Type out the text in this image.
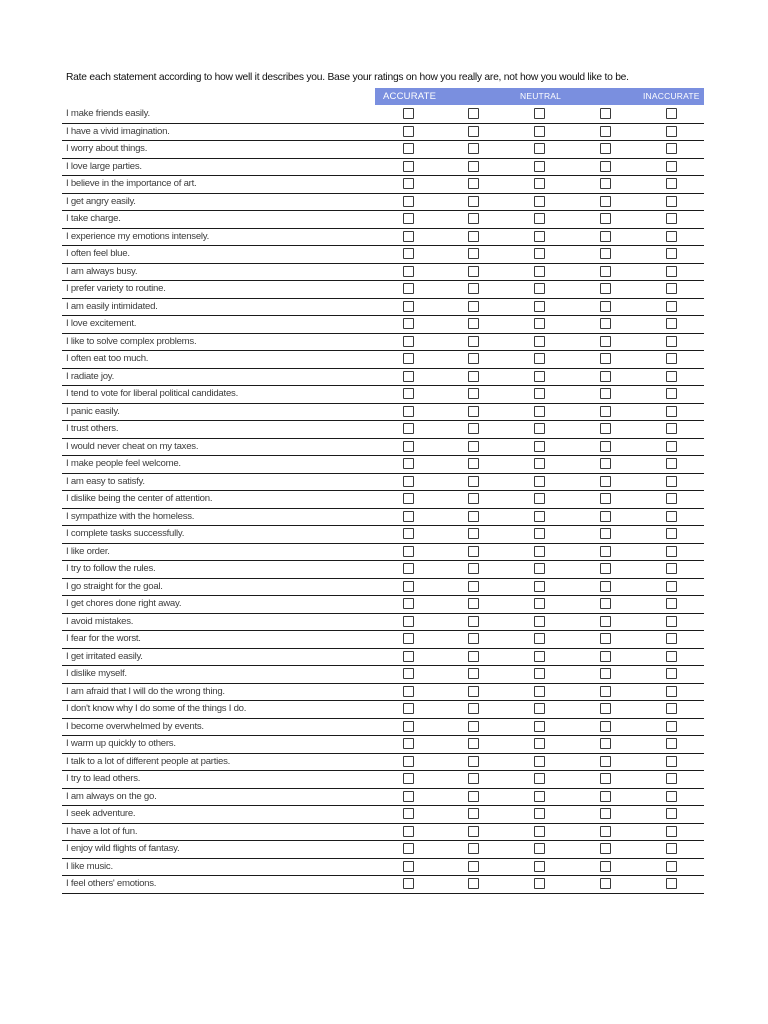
Rate each statement according to how well it describes you. Base your ratings on how you really are, not how you would like to be.
ACCURATE	NEUTRAL	INACCURATE
I make friends easily.
I have a vivid imagination.
I worry about things.
I love large parties.
I believe in the importance of art.
I get angry easily.
I take charge.
I experience my emotions intensely.
I often feel blue.
I am always busy.
I prefer variety to routine.
I am easily intimidated.
I love excitement.
I like to solve complex problems.
I often eat too much.
I radiate joy.
I tend to vote for liberal political candidates.
I panic easily.
I trust others.
I would never cheat on my taxes.
I make people feel welcome.
I am easy to satisfy.
I dislike being the center of attention.
I sympathize with the homeless.
I complete tasks successfully.
I like order.
I try to follow the rules.
I go straight for the goal.
I get chores done right away.
I avoid mistakes.
I fear for the worst.
I get irritated easily.
I dislike myself.
I am afraid that I will do the wrong thing.
I don't know why I do some of the things I do.
I become overwhelmed by events.
I warm up quickly to others.
I talk to a lot of different people at parties.
I try to lead others.
I am always on the go.
I seek adventure.
I have a lot of fun.
I enjoy wild flights of fantasy.
I like music.
I feel others' emotions.
